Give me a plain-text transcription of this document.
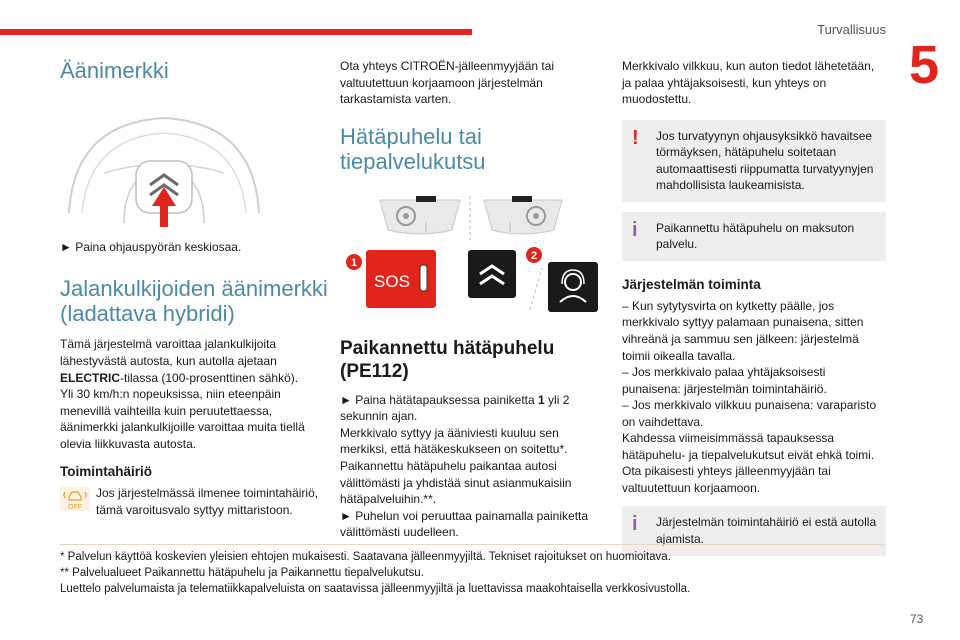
Turvallisuus
5
Äänimerkki

► Paina ohjauspyörän keskiosaa.

Jalankulkijoiden äänimerkki (ladattava hybridi)

Tämä järjestelmä varoittaa jalankulkijoita lähestyvästä autosta, kun autolla ajetaan ELECTRIC-tilassa (100-prosenttinen sähkö).

Yli 30 km/h:n nopeuksissa, niin eteenpäin menevillä vaihteilla kuin peruutettaessa, äänimerkki jalankulkijoille varoittaa muita tiellä olevia liikkuvasta autosta.

Toimintahäiriö
OFF
Jos järjestelmässä ilmenee toimintahäiriö, tämä varoitusvalo syttyy mittaristoon.

Ota yhteys CITROËN-jälleenmyyjään tai valtuutettuun korjaamoon järjestelmän tarkastamista varten.

Hätäpuhelu tai tiepalvelukutsu
SOS
1
2
Paikannettu hätäpuhelu (PE112)

► Paina hätätapauksessa painiketta 1 yli 2 sekunnin ajan.

Merkkivalo syttyy ja ääniviesti kuuluu sen merkiksi, että hätäkeskukseen on soitettu*. Paikannettu hätäpuhelu paikantaa autosi välittömästi ja yhdistää sinut asianmukaisiin hätäpalveluihin.**.

► Puhelun voi peruuttaa painamalla painiketta välittömästi uudelleen.

Merkkivalo vilkkuu, kun auton tiedot lähetetään, ja palaa yhtäjaksoisesti, kun yhteys on muodostettu.

! Jos turvatyynyn ohjausyksikkö havaitsee törmäyksen, hätäpuhelu soitetaan automaattisesti riippumatta turvatyynyjen mahdollisista laukeamisista.
i Paikannettu hätäpuhelu on maksuton palvelu.
Järjestelmän toiminta

– Kun sytytysvirta on kytketty päälle, jos merkkivalo syttyy palamaan punaisena, sitten vihreänä ja sammuu sen jälkeen: järjestelmä toimii oikealla tavalla.

– Jos merkkivalo palaa yhtäjaksoisesti punaisena: järjestelmän toimintahäiriö.

– Jos merkkivalo vilkkuu punaisena: varaparisto on vaihdettava.

Kahdessa viimeisimmässä tapauksessa hätäpuhelu- ja tiepalvelukutsut eivät ehkä toimi.

Ota pikaisesti yhteys jälleenmyyjään tai valtuutettuun korjaamoon.

i Järjestelmän toimintahäiriö ei estä autolla ajamista.
* Palvelun käyttöä koskevien yleisien ehtojen mukaisesti. Saatavana jälleenmyyjiltä. Tekniset rajoitukset on huomioitava.
** Palvelualueet Paikannettu hätäpuhelu ja Paikannettu tiepalvelukutsu.
Luettelo palvelumaista ja telematiikkapalveluista on saatavissa jälleenmyyjiltä ja luettavissa maakohtaisella verkkosivustolla.
73
